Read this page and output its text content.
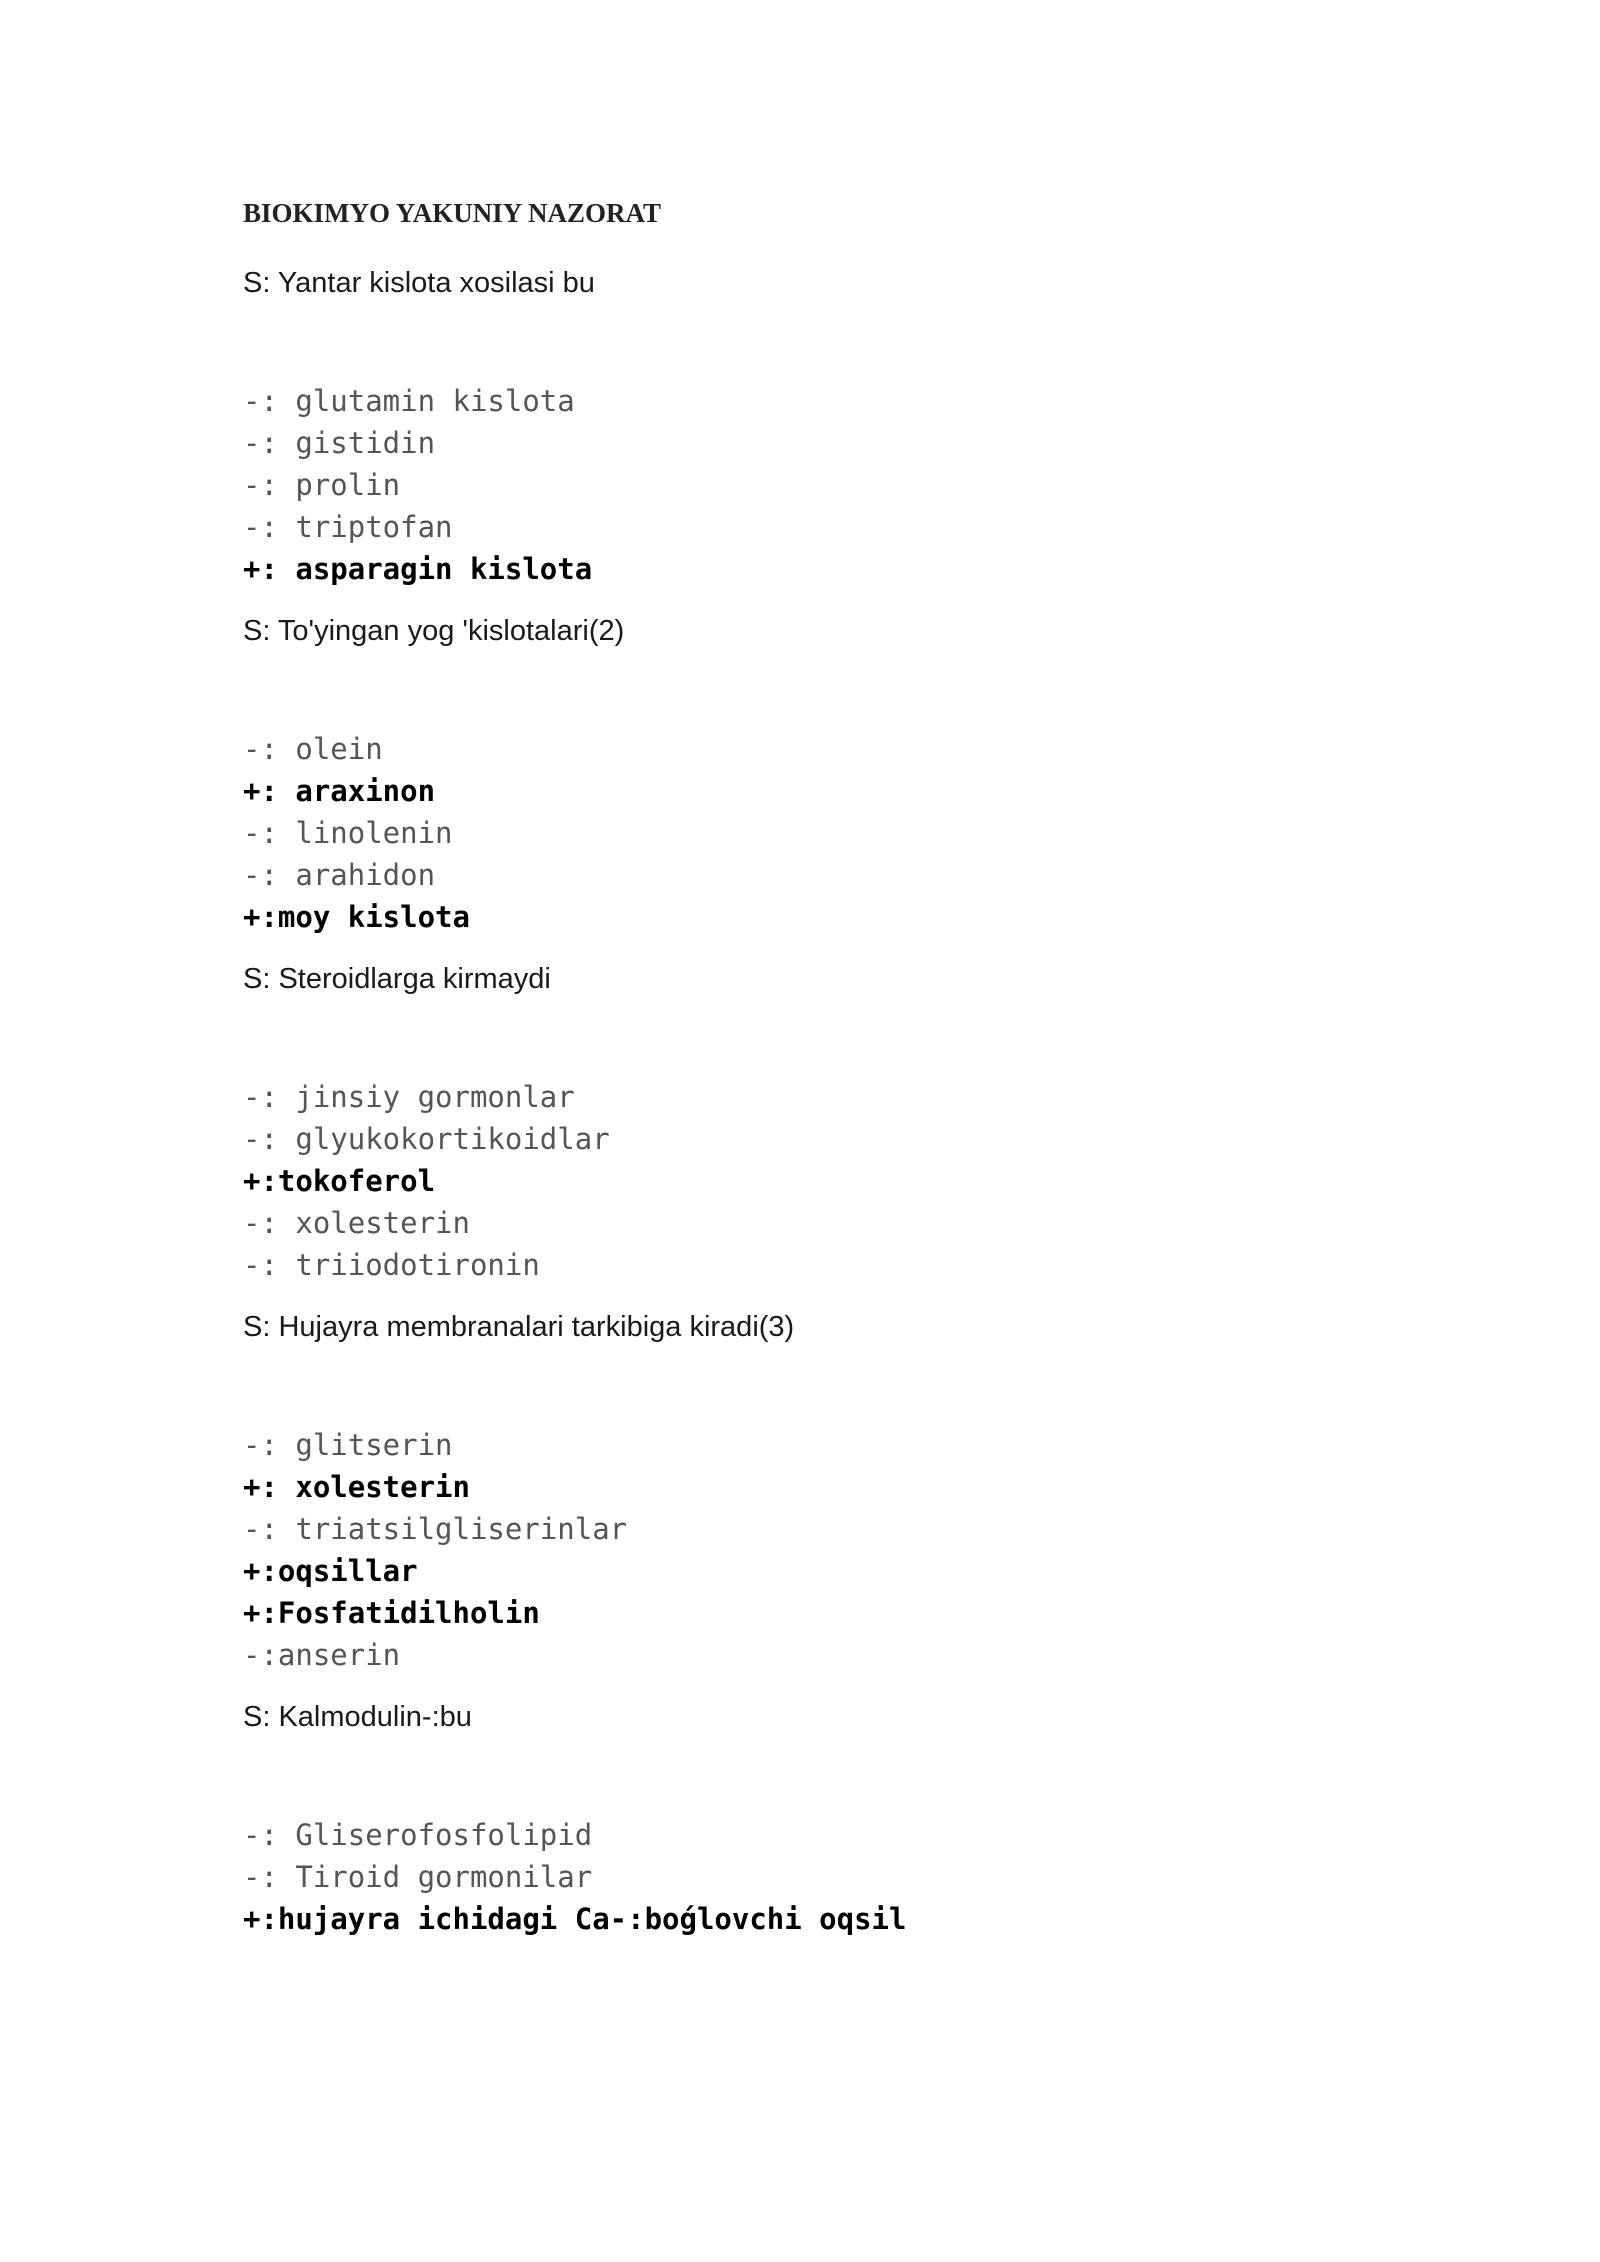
BIOKIMYO YAKUNIY NAZORAT
S: Yantar kislota xosilasi bu
-: glutamin kislota
-: gistidin
-: prolin
-: triptofan
+: asparagin kislota
S: To'yingan yog 'kislotalari(2)
-: olein
+: araxinon
-: linolenin
-: arahidon
+:moy kislota
S: Steroidlarga kirmaydi
-: jinsiy gormonlar
-: glyukokortikoidlar
+:tokoferol
-: xolesterin
-: triiodotironin
S: Hujayra membranalari tarkibiga kiradi(3)
-: glitserin
+: xolesterin
-: triatsilgliserinlar
+:oqsillar
+:Fosfatidilholin
-:anserin
S: Kalmodulin-:bu
-: Gliserofosfolipid
-: Tiroid gormonilar
+:hujayra ichidagi Ca-:boǵlovchi oqsil
